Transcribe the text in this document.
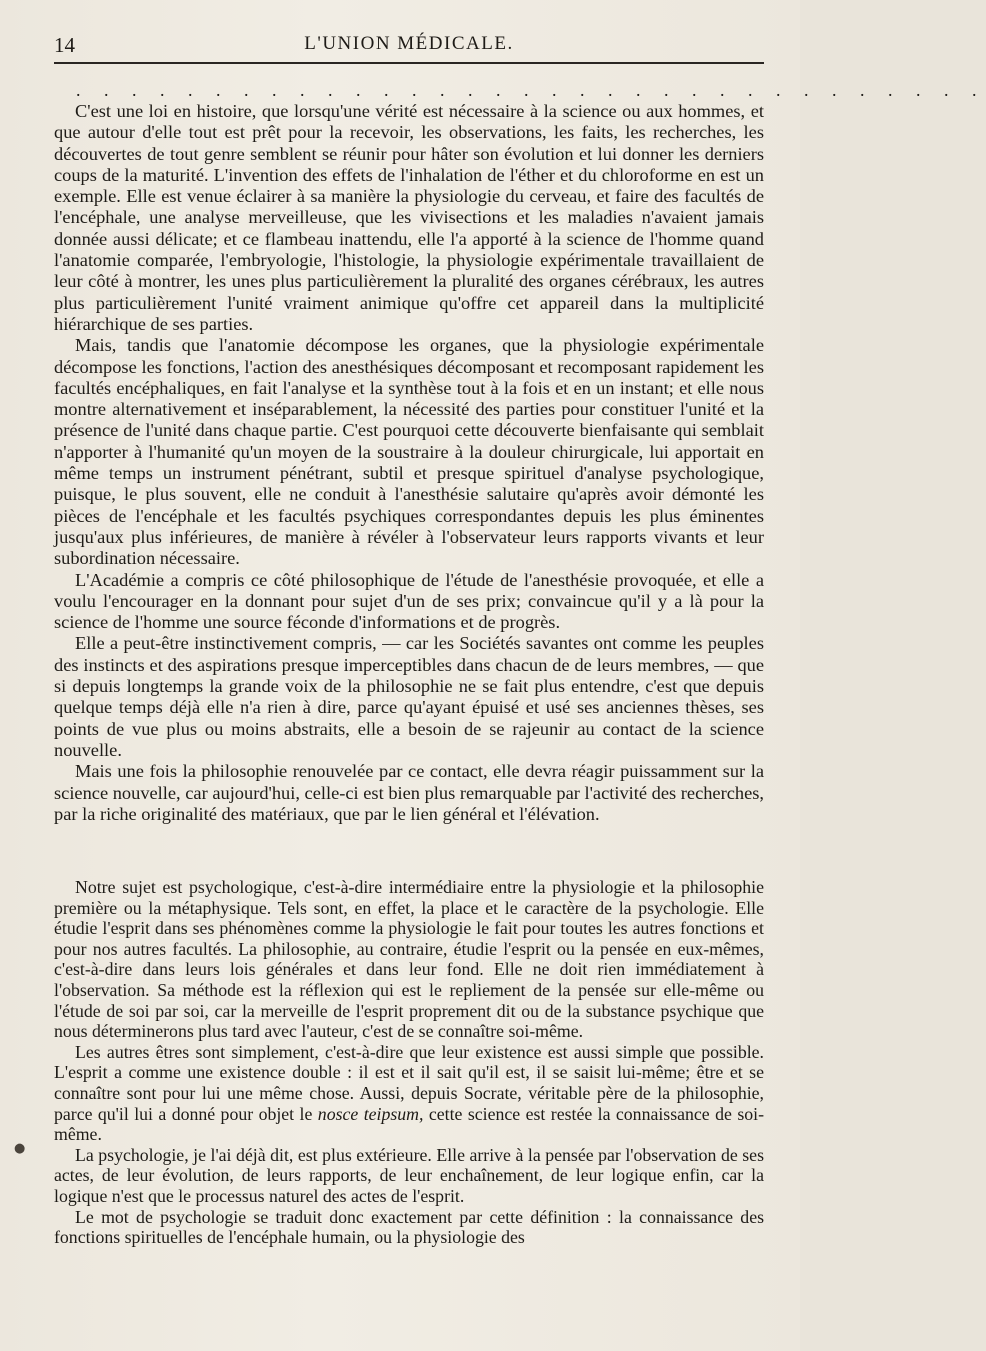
14	L'UNION MÉDICALE.
. . . . . . . . . . . . . . . . . . . . . . . . . . . . . . . . .

C'est une loi en histoire, que lorsqu'une vérité est nécessaire à la science ou aux hommes, et que autour d'elle tout est prêt pour la recevoir, les observations, les faits, les recherches, les découvertes de tout genre semblent se réunir pour hâter son évolution et lui donner les derniers coups de la maturité. L'invention des effets de l'inhalation de l'éther et du chloroforme en est un exemple. Elle est venue éclairer à sa manière la physiologie du cerveau, et faire des facultés de l'encéphale, une analyse merveilleuse, que les vivisections et les maladies n'avaient jamais donnée aussi délicate; et ce flambeau inattendu, elle l'a apporté à la science de l'homme quand l'anatomie comparée, l'embryologie, l'histologie, la physiologie expérimentale travaillaient de leur côté à montrer, les unes plus particulièrement la pluralité des organes cérébraux, les autres plus particulièrement l'unité vraiment animique qu'offre cet appareil dans la multiplicité hiérarchique de ses parties.

Mais, tandis que l'anatomie décompose les organes, que la physiologie expérimentale décompose les fonctions, l'action des anesthésiques décomposant et recomposant rapidement les facultés encéphaliques, en fait l'analyse et la synthèse tout à la fois et en un instant; et elle nous montre alternativement et inséparablement, la nécessité des parties pour constituer l'unité et la présence de l'unité dans chaque partie. C'est pourquoi cette découverte bienfaisante qui semblait n'apporter à l'humanité qu'un moyen de la soustraire à la douleur chirurgicale, lui apportait en même temps un instrument pénétrant, subtil et presque spirituel d'analyse psychologique, puisque, le plus souvent, elle ne conduit à l'anesthésie salutaire qu'après avoir démonté les pièces de l'encéphale et les facultés psychiques correspondantes depuis les plus éminentes jusqu'aux plus inférieures, de manière à révéler à l'observateur leurs rapports vivants et leur subordination nécessaire.

L'Académie a compris ce côté philosophique de l'étude de l'anesthésie provoquée, et elle a voulu l'encourager en la donnant pour sujet d'un de ses prix; convaincue qu'il y a là pour la science de l'homme une source féconde d'informations et de progrès.

Elle a peut-être instinctivement compris, — car les Sociétés savantes ont comme les peuples des instincts et des aspirations presque imperceptibles dans chacun de de leurs membres, — que si depuis longtemps la grande voix de la philosophie ne se fait plus entendre, c'est que depuis quelque temps déjà elle n'a rien à dire, parce qu'ayant épuisé et usé ses anciennes thèses, ses points de vue plus ou moins abstraits, elle a besoin de se rajeunir au contact de la science nouvelle.

Mais une fois la philosophie renouvelée par ce contact, elle devra réagir puissamment sur la science nouvelle, car aujourd'hui, celle-ci est bien plus remarquable par l'activité des recherches, par la riche originalité des matériaux, que par le lien général et l'élévation.

Notre sujet est psychologique, c'est-à-dire intermédiaire entre la physiologie et la philosophie première ou la métaphysique. Tels sont, en effet, la place et le caractère de la psychologie. Elle étudie l'esprit dans ses phénomènes comme la physiologie le fait pour toutes les autres fonctions et pour nos autres facultés. La philosophie, au contraire, étudie l'esprit ou la pensée en eux-mêmes, c'est-à-dire dans leurs lois générales et dans leur fond. Elle ne doit rien immédiatement à l'observation. Sa méthode est la réflexion qui est le repliement de la pensée sur elle-même ou l'étude de soi par soi, car la merveille de l'esprit proprement dit ou de la substance psychique que nous déterminerons plus tard avec l'auteur, c'est de se connaître soi-même.

Les autres êtres sont simplement, c'est-à-dire que leur existence est aussi simple que possible. L'esprit a comme une existence double : il est et il sait qu'il est, il se saisit lui-même; être et se connaître sont pour lui une même chose. Aussi, depuis Socrate, véritable père de la philosophie, parce qu'il lui a donné pour objet le nosce teipsum, cette science est restée la connaissance de soi-même.

La psychologie, je l'ai déjà dit, est plus extérieure. Elle arrive à la pensée par l'observation de ses actes, de leur évolution, de leurs rapports, de leur enchaînement, de leur logique enfin, car la logique n'est que le processus naturel des actes de l'esprit.

Le mot de psychologie se traduit donc exactement par cette définition : la connaissance des fonctions spirituelles de l'encéphale humain, ou la physiologie des

●
